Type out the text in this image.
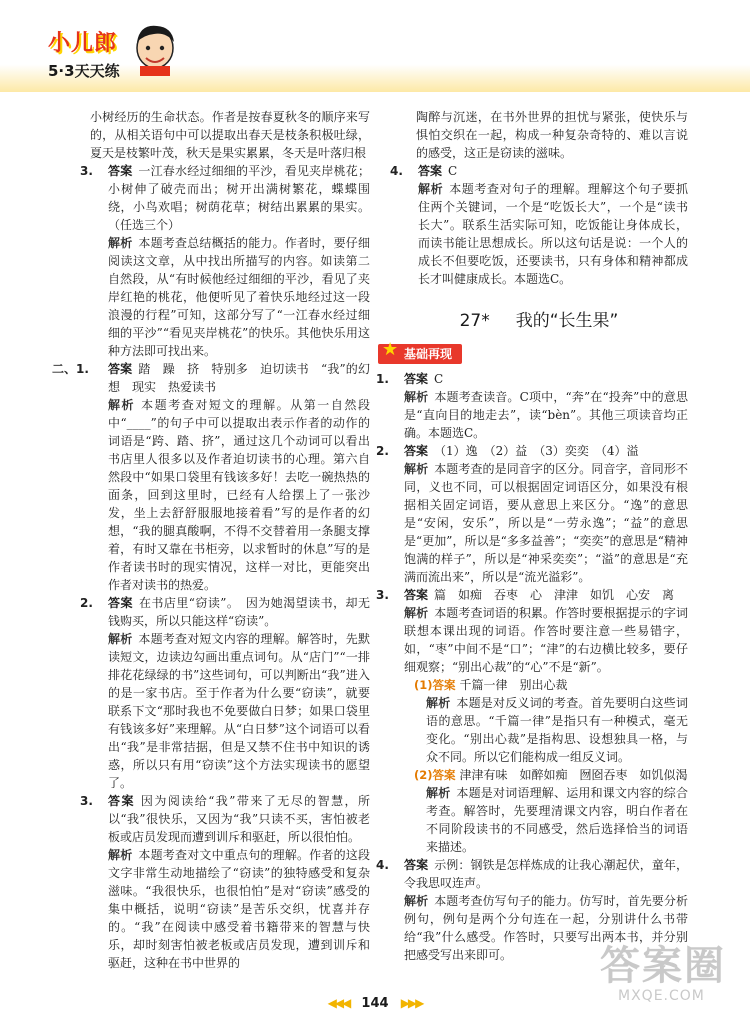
小儿郎
5·3天天练

小树经历的生命状态。作者是按春夏秋冬的顺序来写的，从相关语句中可以提取出春天是枝条积极吐绿，夏天是枝繁叶茂，秋天是果实累累，冬天是叶落归根

3. 答案 一江春水经过细细的平沙，看见夹岸桃花；小树伸了破壳而出；树开出满树繁花，蝶蝶围绕，小鸟欢唱；树荫花草；树结出累累的果实。（任选三个）

解析 本题考查总结概括的能力。作者时，要仔细阅读这文章，从中找出所描写的内容。如读第二自然段，从“有时候他经过细细的平沙，看见了夹岸红艳的桃花，他便听见了着快乐地经过这一段浪漫的行程”可知，这部分写了“一江春水经过细细的平沙”“看见夹岸桃花”的快乐。其他快乐用这种方法即可找出来。

二、1. 答案 踏　躁　挤　特别多　迫切读书　“我”的幻想　现实　热爱读书

解析 本题考查对短文的理解。从第一自然段中“____”的句子中可以提取出表示作者的动作的词语是“跨、踏、挤”，通过这几个动词可以看出书店里人很多以及作者迫切读书的心理。第六自然段中“如果口袋里有钱该多好！去吃一碗热热的面条，回到这里时，已经有人给摆上了一张沙发，坐上去舒舒服服地接着看”写的是作者的幻想，“我的腿真酸啊，不得不交替着用一条腿支撑着，有时又靠在书柜旁，以求暂时的休息”写的是作者读书时的现实情况，这样一对比，更能突出作者对读书的热爱。

2. 答案 在书店里“窃读”。　因为她渴望读书，却无钱购买，所以只能这样“窃读”。

解析 本题考查对短文内容的理解。解答时，先默读短文，边读边勾画出重点词句。从“店门”“一排排花花绿绿的书”这些词句，可以判断出“我”进入的是一家书店。至于作者为什么要“窃读”，就要联系下文“那时我也不免要做白日梦；如果口袋里有钱该多好”来理解。从“白日梦”这个词语可以看出“我”是非常拮据，但是又禁不住书中知识的诱惑，所以只有用“窃读”这个方法实现读书的愿望了。

3. 答案 因为阅读给“我”带来了无尽的智慧，所以“我”很快乐，又因为“我”只读不买，害怕被老板或店员发现而遭到训斥和驱赶，所以很怕怕。

解析 本题考查对文中重点句的理解。作者的这段文字非常生动地描绘了“窃读”的独特感受和复杂滋味。“我很快乐，也很怕怕”是对“窃读”感受的集中概括，说明“窃读”是苦乐交织，忧喜并存的。“我”在阅读中感受着书籍带来的智慧与快乐，却时刻害怕被老板或店员发现，遭到训斥和驱赶，这种在书中世界的

陶醉与沉迷，在书外世界的担忧与紧张，使快乐与惧怕交织在一起，构成一种复杂奇特的、难以言说的感受，这正是窃读的滋味。

4. 答案 C

解析 本题考查对句子的理解。理解这个句子要抓住两个关键词，一个是“吃饭长大”，一个是“读书长大”。联系生活实际可知，吃饭能让身体成长，而读书能让思想成长。所以这句话是说：一个人的成长不但要吃饭，还要读书，只有身体和精神都成长才叫健康成长。本题选C。

27* 我的“长生果”
★ 基础再现
1. 答案 C

解析 本题考查读音。C项中，“奔”在“投奔”中的意思是“直向目的地走去”，读“bèn”。其他三项读音均正确。本题选C。

2. 答案 （1）逸　（2）益　（3）奕奕　（4）溢

解析 本题考查的是同音字的区分。同音字，音同形不同，义也不同，可以根据固定词语区分，如果没有根据相关固定词语，要从意思上来区分。“逸”的意思是“安闲，安乐”，所以是“一劳永逸”；“益”的意思是“更加”，所以是“多多益善”；“奕奕”的意思是“精神饱满的样子”，所以是“神采奕奕”；“溢”的意思是“充满而流出来”，所以是“流光溢彩”。

3. 答案 篇　如痴　吞枣　心　津津　如饥　心安　离

解析 本题考查词语的积累。作答时要根据提示的字词联想本课出现的词语。作答时要注意一些易错字，如，“枣”中间不是“口”；“津”的右边横比较多，要仔细观察；“别出心裁”的“心”不是“新”。

(1)答案 千篇一律　别出心裁

解析 本题是对反义词的考查。首先要明白这些词语的意思。“千篇一律”是指只有一种模式，毫无变化。“别出心裁”是指构思、设想独具一格，与众不同。所以它们能构成一组反义词。

(2)答案 津津有味　如醉如痴　囫囵吞枣　如饥似渴

解析 本题是对词语理解、运用和课文内容的综合考查。解答时，先要理清课文内容，明白作者在不同阶段读书的不同感受，然后选择恰当的词语来描述。

4. 答案 示例：钢铁是怎样炼成的让我心潮起伏，童年，令我思叹连声。

解析 本题考查仿写句子的能力。仿写时，首先要分析例句，例句是两个分句连在一起，分别讲什么书带给“我”什么感受。作答时，只要写出两本书，并分别把感受写出来即可。

◀◀◀ 144 ▶▶▶
答案圈
MXQE.COM
